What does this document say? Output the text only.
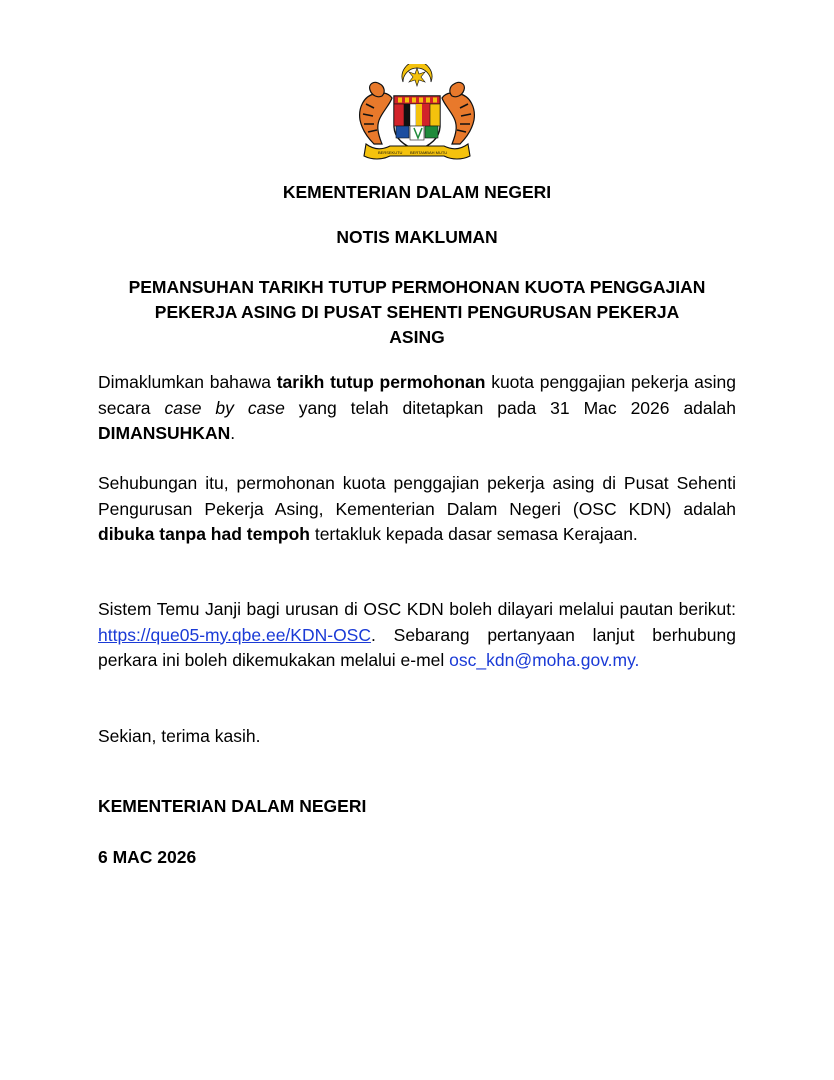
BERSEKUTU BERTAMBAH MUTU
KEMENTERIAN DALAM NEGERI
NOTIS MAKLUMAN
PEMANSUHAN TARIKH TUTUP PERMOHONAN KUOTA PENGGAJIAN
PEKERJA ASING DI PUSAT SEHENTI PENGURUSAN PEKERJA
ASING

Dimaklumkan bahawa tarikh tutup permohonan kuota penggajian pekerja asing secara case by case yang telah ditetapkan pada 31 Mac 2026 adalah DIMANSUHKAN.

Sehubungan itu, permohonan kuota penggajian pekerja asing di Pusat Sehenti Pengurusan Pekerja Asing, Kementerian Dalam Negeri (OSC KDN) adalah dibuka tanpa had tempoh tertakluk kepada dasar semasa Kerajaan.

Sistem Temu Janji bagi urusan di OSC KDN boleh dilayari melalui pautan berikut: https://que05-my.qbe.ee/KDN-OSC. Sebarang pertanyaan lanjut berhubung perkara ini boleh dikemukakan melalui e-mel osc_kdn@moha.gov.my.

Sekian, terima kasih.

KEMENTERIAN DALAM NEGERI
6 MAC 2026
